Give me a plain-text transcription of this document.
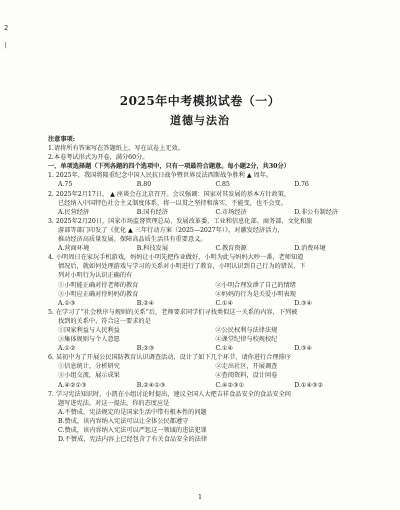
2
|
2025年中考模拟试卷（一）
道德与法治
注意事项:
1.请将所有答案写在答题纸上，写在试卷上无效。
2.本卷考试形式为开卷，满分60分。
一、单项选择题（下列各题的四个选项中，只有一项最符合题意。每小题2分，共30分）
1. 2025年，我国将隆重纪念中国人民抗日战争暨世界反法西斯战争胜利 ▲ 周年。
A.75	B.80	C.85	D.76
2. 2025年2月17日， ▲ 座谈会在北京召开。会议强调：国家对其发展的基本方针政策，
已经纳入中国特色社会主义制度体系，将一以贯之坚持和落实，不能变，也不会变。
A.民营经济	B.国有经济	C.市场经济	D.非公有制经济
3. 2025年2月20日，国家市场监督管理总局、发展改革委、工业和信息化部、商务部、文化和旅
游部等部门印发了《优化 ▲ 三年行动方案（2025—2027年）》，对激发经济活力，
推动经济高质量发展、保障高品质生活具有重要意义。
A.营商环境	B.科技发展	C.教育资源	D.消费环境
4. 小明周日在家玩手机游戏，妈妈让小明先把作业做好，小明为此与妈妈大吵一番，老师知道
情况后，就如何处理游戏与学习的关系对小明进行了教育，小明认识到自己行为的错误，下
列对小明行为认识正确的有
①小明能正确对待老师的教育	②小明合理发泄了自己的情绪
③小明应正确对待妈妈的教育	④妈妈的行为是关爱小明表现
A.①③	B.②④	C.①④	D.③④
5. 在学习了“社会秩序与规则的关系”后，老师要求同学们寻找类似这一关系的内容，下列被
找到的关系中，符合这一要求的是
①国家利益与人民利益	②公民权利与法律法规
③集体规则与个人意愿	④课堂纪律与校规校纪
A.①②	B.②③	C.①④	D.③④
6. 某初中为了开展公民国防教育认识调查活动，设计了如下几个环节，请你进行合理排序
①信息统计，分析研究	②走出社区，开展调查
③小组交流，展示成果	④查阅资料，设计问卷
A.④②①③	B.②④①③	C.④②③①	D.①④③②
7. 学习宪法知识时，小凯在小组讨论时提出，建议全国人大把吉祥食品安全的食品安全问
题写进宪法。对这一提法，你的态度应是
A.不赞成，宪法规定的是国家生活中带有根本性的问题
B.赞成，该内容纳入宪法可以让全体公民都遵守
C.赞成，该内容纳入宪法可以严惩这一领域的违法犯罪
D.不赞成，宪法内容上已经包含了有关食品安全的法律
1
